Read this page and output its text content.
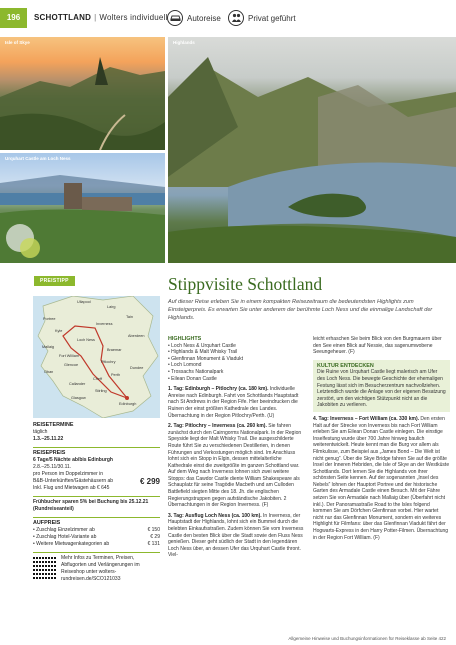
196	SCHOTTLAND | Wolters individuell Autoreise	Privat geführt
Isle of Skye
Urquhart Castle am Loch Ness
Highlands
PREISTIPP	Stippvisite Schottland

Auf dieser Reise erleben Sie in einem kompakten Reisezeitraum die bedeutendsten Highlights zum Einsteigerpreis. Es erwarten Sie unter anderem der berühmte Loch Ness und die einmalige Landschaft der Highlands.

Ullapool
Lairg
Tain
Portree
Inverness
Kyle
Aberdeen
Loch Ness
Mallaig
Braemar
Fort William
Pitlochry
Glencoe
Dundee
Oban
Perth
Crieff
Callander
Stirling
Glasgow
Edinburgh
REISETERMINE
täglich
1.3.–25.11.22
REISEPREIS
6 Tage/5 Nächte ab/bis Edinburgh
2.8.–25.11/30.11.
pro Person im Doppelzimmer in
B&B-Unterkünften/Gästehäusern ab	€ 299
Inkl. Flug und Mietwagen ab € 645
Frühbucher sparen 5% bei Buchung bis 25.12.21 (Rundreiseanteil)
AUFPREIS
• Zuschlag Einzelzimmer ab	€ 150
• Zuschlag Hotel-Variante ab	€ 29
• Weitere Mietwagenkategorien ab	€ 131
Mehr Infos zu Terminen, Preisen, Abflugorten und Verlängerungen im Reiseshop unter wolters-rundreisen.de/SCO121033
HIGHLIGHTS
• Loch Ness & Urquhart Castle
• Highlands & Malt Whisky Trail
• Glenfinnan Monument & Viadukt
• Loch Lomond
• Trossachs Nationalpark
• Eilean Donan Castle
1. Tag: Edinburgh – Pitlochry (ca. 180 km). Individuelle Anreise nach Edinburgh. Fahrt von Schottlands Hauptstadt nach St Andrews in der Region Fife. Hier beeindrucken die Ruinen der einst größten Kathedrale des Landes. Übernachtung in der Region Pitlochry/Perth. (U)
2. Tag: Pitlochry – Inverness (ca. 260 km). Sie fahren zunächst durch den Cairngorms Nationalpark. In der Region Speyside liegt der Malt Whisky Trail. Die ausgeschilderte Route führt Sie zu verschiedenen Destillerien, in denen Führungen und Verkostungen möglich sind. Im Anschluss lohnt sich ein Stopp in Elgin, dessen mittelalterliche Kathedrale einst die zweitgrößte im ganzen Schottland war. Auf dem Weg nach Inverness lohnen sich zwei weitere Stopps: das Cawdor Castle diente William Shakespeare als Schauplatz für seine Tragödie Macbeth und am Culloden Battlefield siegten Mitte des 18. Jh. die englischen Regierungstruppen gegen aufständische Jakobiten. 2 Übernachtungen in der Region Inverness. (F)
3. Tag: Ausflug Loch Ness (ca. 100 km). In Inverness, der Hauptstadt der Highlands, lohnt sich ein Bummel durch die belebten Einkaufsstraßen. Zudem können Sie vom Inverness Castle den besten Blick über die Stadt sowie den Fluss Ness genießen. Dieser geht südlich der Stadt in den legendären Loch Ness über, an dessen Ufer das Urquhart Castle thront. Viel-
leicht erhaschen Sie beim Blick von den Burgmauern über den See einen Blick auf Nessie, das sagenumwobene Seeungeheuer. (F)
KULTUR ENTDECKEN
Die Ruine von Urquhart Castle liegt malerisch am Ufer des Loch Ness. Die bewegte Geschichte der ehemaligen Festung lässt sich im Besucherzentrum nachvollziehen. Letztendlich wurde die Anlage von der eigenen Besatzung zerstört, um den wichtigen Stützpunkt nicht an die Jakobiten zu verlieren.
4. Tag: Inverness – Fort William (ca. 330 km). Den ersten Halt auf der Strecke von Inverness bis nach Fort William erleben Sie am Eilean Donan Castle einlegen. Die einstige Inselfestung wurde über 700 Jahre hinweg baulich weiterentwickelt. Heute kennt man die Burg vor allem als Filmkulisse, zum Beispiel aus „James Bond – Die Welt ist nicht genug“. Über die Skye Bridge fahren Sie auf die größte Insel der Inneren Hebriden, die Isle of Skye an der Westküste Schottlands. Dort lernen Sie die Highlands von ihrer schönsten Seite kennen. Auf der sogenannten „Insel des Nebels“ lohnen der Hauptort Portree und der historische Garten des Armadale Castle einen Besuch. Mit der Fähre setzen Sie von Armadale nach Mallaig über (Überfahrt nicht inkl.). Der Panoramastraße Road to the Isles folgend kommen Sie am Dörfchen Glenfinnan vorbei. Hier wartet nicht nur das Glenfinnan Monument, sondern ein weiteres Highlight für Filmfans: über das Glenfinnan Viadukt fährt der Hogwarts-Express in den Harry Potter-Filmen. Übernachtung in der Region Fort William. (F)
Allgemeine Hinweise und Buchungsinformationen für Reiseklasse ab Seite 422
